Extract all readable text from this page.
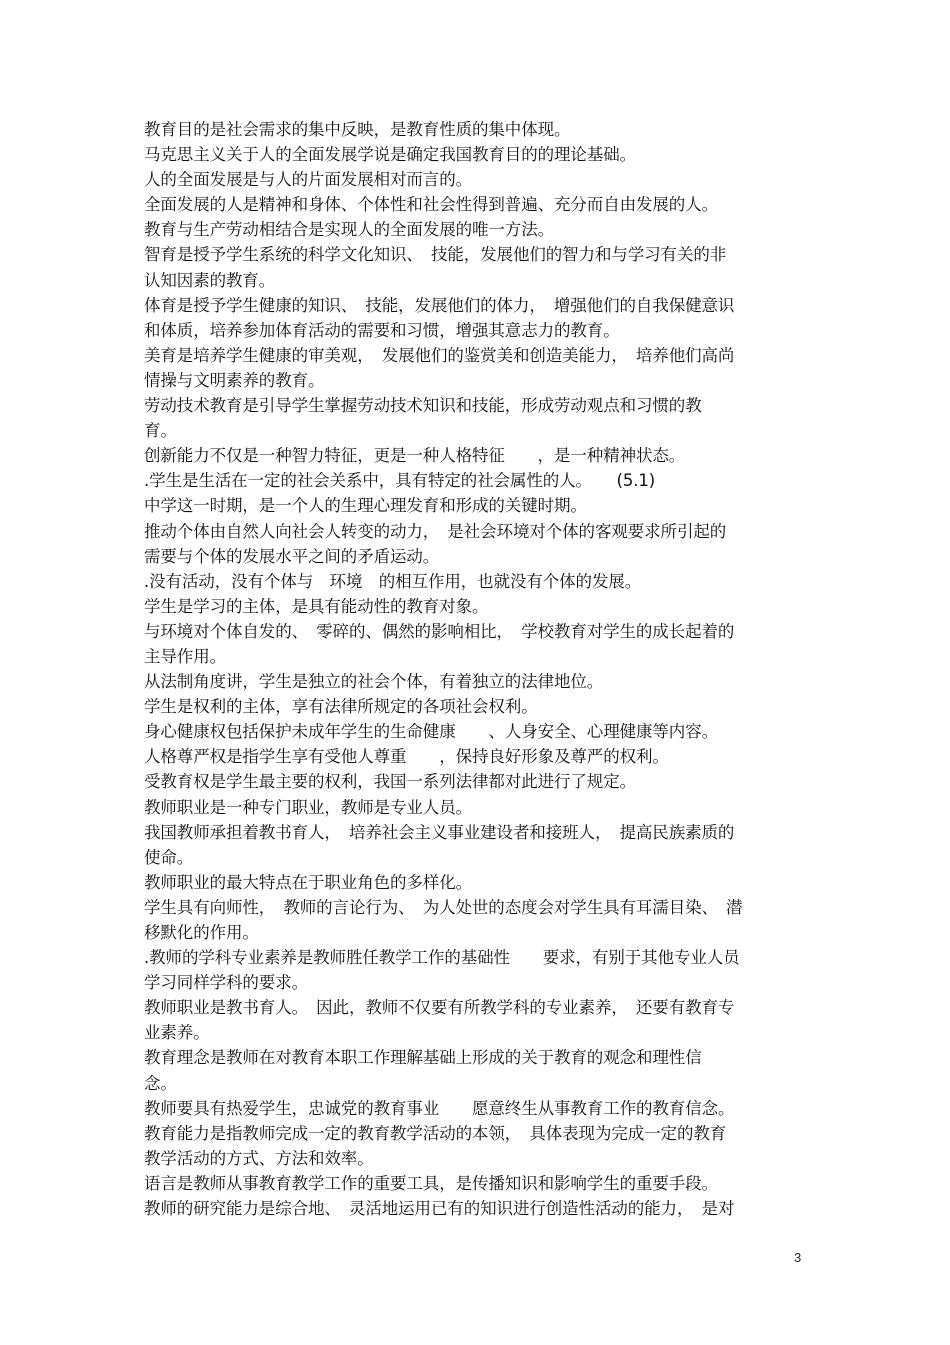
教育目的是社会需求的集中反映，是教育性质的集中体现。
马克思主义关于人的全面发展学说是确定我国教育目的的理论基础。
人的全面发展是与人的片面发展相对而言的。
全面发展的人是精神和身体、个体性和社会性得到普遍、充分而自由发展的人。
教育与生产劳动相结合是实现人的全面发展的唯一方法。
智育是授予学生系统的科学文化知识、　技能，发展他们的智力和与学习有关的非
认知因素的教育。
体育是授予学生健康的知识、　技能，发展他们的体力，　增强他们的自我保健意识
和体质，培养参加体育活动的需要和习惯，增强其意志力的教育。
美育是培养学生健康的审美观，　发展他们的鉴赏美和创造美能力，　培养他们高尚
情操与文明素养的教育。
劳动技术教育是引导学生掌握劳动技术知识和技能，形成劳动观点和习惯的教
育。
创新能力不仅是一种智力特征，更是一种人格特征　　，是一种精神状态。
.学生是生活在一定的社会关系中，具有特定的社会属性的人。　　(5.1)
中学这一时期，是一个人的生理心理发育和形成的关键时期。
推动个体由自然人向社会人转变的动力，　是社会环境对个体的客观要求所引起的
需要与个体的发展水平之间的矛盾运动。
.没有活动，没有个体与　环境　的相互作用，也就没有个体的发展。
学生是学习的主体，是具有能动性的教育对象。
与环境对个体自发的、　零碎的、偶然的影响相比，　学校教育对学生的成长起着的
主导作用。
从法制角度讲，学生是独立的社会个体，有着独立的法律地位。
学生是权利的主体，享有法律所规定的各项社会权利。
身心健康权包括保护未成年学生的生命健康　　、人身安全、心理健康等内容。
人格尊严权是指学生享有受他人尊重　　，保持良好形象及尊严的权利。
受教育权是学生最主要的权利，我国一系列法律都对此进行了规定。
教师职业是一种专门职业，教师是专业人员。
我国教师承担着教书育人，　培养社会主义事业建设者和接班人，　提高民族素质的
使命。
教师职业的最大特点在于职业角色的多样化。
学生具有向师性，　教师的言论行为、　为人处世的态度会对学生具有耳濡目染、　潜
移默化的作用。
.教师的学科专业素养是教师胜任教学工作的基础性　　要求，有别于其他专业人员
学习同样学科的要求。
教师职业是教书育人。　因此，教师不仅要有所教学科的专业素养，　还要有教育专
业素养。
教育理念是教师在对教育本职工作理解基础上形成的关于教育的观念和理性信
念。
教师要具有热爱学生，忠诚党的教育事业　　愿意终生从事教育工作的教育信念。
教育能力是指教师完成一定的教育教学活动的本领，　具体表现为完成一定的教育
教学活动的方式、方法和效率。
语言是教师从事教育教学工作的重要工具，是传播知识和影响学生的重要手段。
教师的研究能力是综合地、　灵活地运用已有的知识进行创造性活动的能力，　是对
3
